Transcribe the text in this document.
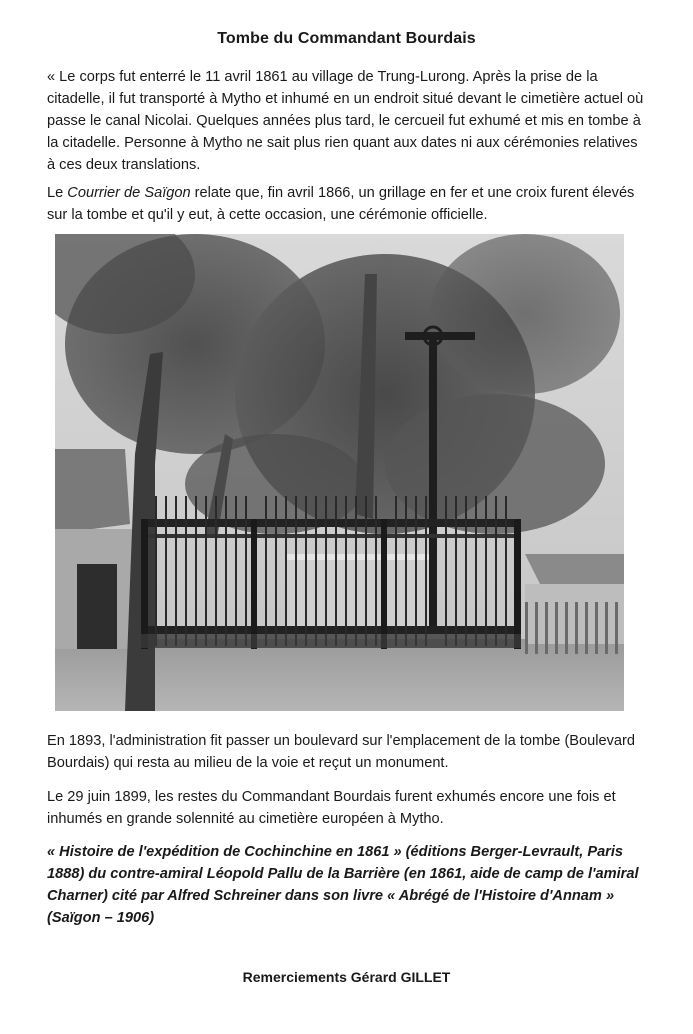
Tombe du Commandant Bourdais

« Le corps fut enterré le 11 avril 1861 au village de Trung-Lurong. Après la prise de la citadelle, il fut transporté à Mytho et inhumé en un endroit situé devant le cimetière actuel où passe le canal Nicolai. Quelques années plus tard, le cercueil fut exhumé et mis en tombe à la citadelle. Personne à Mytho ne sait plus rien quant aux dates ni aux cérémonies relatives à ces deux translations.

Le Courrier de Saïgon relate que, fin avril 1866, un grillage en fer et une croix furent élevés sur la tombe et qu'il y eut, à cette occasion, une cérémonie officielle.

En 1893, l'administration fit passer un boulevard sur l'emplacement de la tombe (Boulevard Bourdais) qui resta au milieu de la voie et reçut un monument.

Le 29 juin 1899, les restes du Commandant Bourdais furent exhumés encore une fois et inhumés en grande solennité au cimetière européen à Mytho.

« Histoire de l'expédition de Cochinchine en 1861 » (éditions Berger-Levrault, Paris 1888) du contre-amiral Léopold Pallu de la Barrière (en 1861, aide de camp de l'amiral Charner) cité par Alfred Schreiner dans son livre « Abrégé de l'Histoire d'Annam » (Saïgon – 1906)

Remerciements Gérard GILLET
